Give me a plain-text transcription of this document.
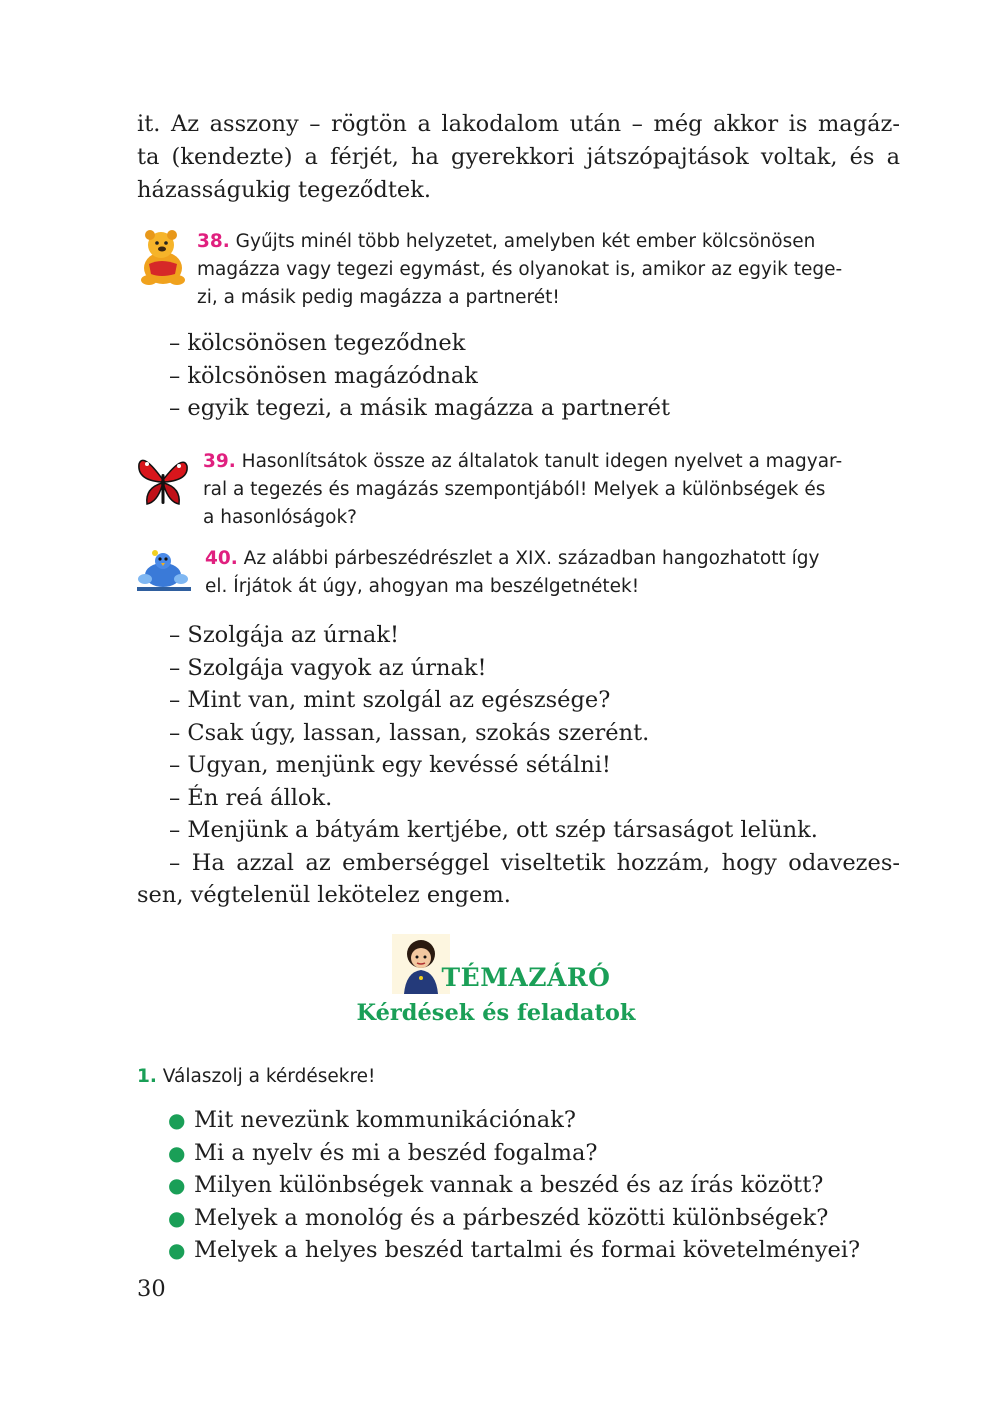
it. Az asszony – rögtön a lakodalom után – még akkor is magáz-
ta (kendezte) a férjét, ha gyerekkori játszópajtások voltak, és a
házasságukig tegeződtek.
38. Gyűjts minél több helyzetet, amelyben két ember kölcsönösen
magázza vagy tegezi egymást, és olyanokat is, amikor az egyik tege-
zi, a másik pedig magázza a partnerét!
– kölcsönösen tegeződnek
– kölcsönösen magázódnak
– egyik tegezi, a másik magázza a partnerét
39. Hasonlítsátok össze az általatok tanult idegen nyelvet a magyar-
ral a tegezés és magázás szempontjából! Melyek a különbségek és
a hasonlóságok?
40. Az alábbi párbeszédrészlet a XIX. században hangozhatott így
el. Írjátok át úgy, ahogyan ma beszélgetnétek!
– Szolgája az úrnak!
– Szolgája vagyok az úrnak!
– Mint van, mint szolgál az egészsége?
– Csak úgy, lassan, lassan, szokás szerént.
– Ugyan, menjünk egy kevéssé sétálni!
– Én reá állok.
– Menjünk a bátyám kertjébe, ott szép társaságot lelünk.
– Ha azzal az emberséggel viseltetik hozzám, hogy odavezes-
sen, végtelenül lekötelez engem.
TÉMAZÁRÓ
Kérdések és feladatok
1. Válaszolj a kérdésekre!
● Mit nevezünk kommunikációnak?
● Mi a nyelv és mi a beszéd fogalma?
● Milyen különbségek vannak a beszéd és az írás között?
● Melyek a monológ és a párbeszéd közötti különbségek?
● Melyek a helyes beszéd tartalmi és formai követelményei?
30
